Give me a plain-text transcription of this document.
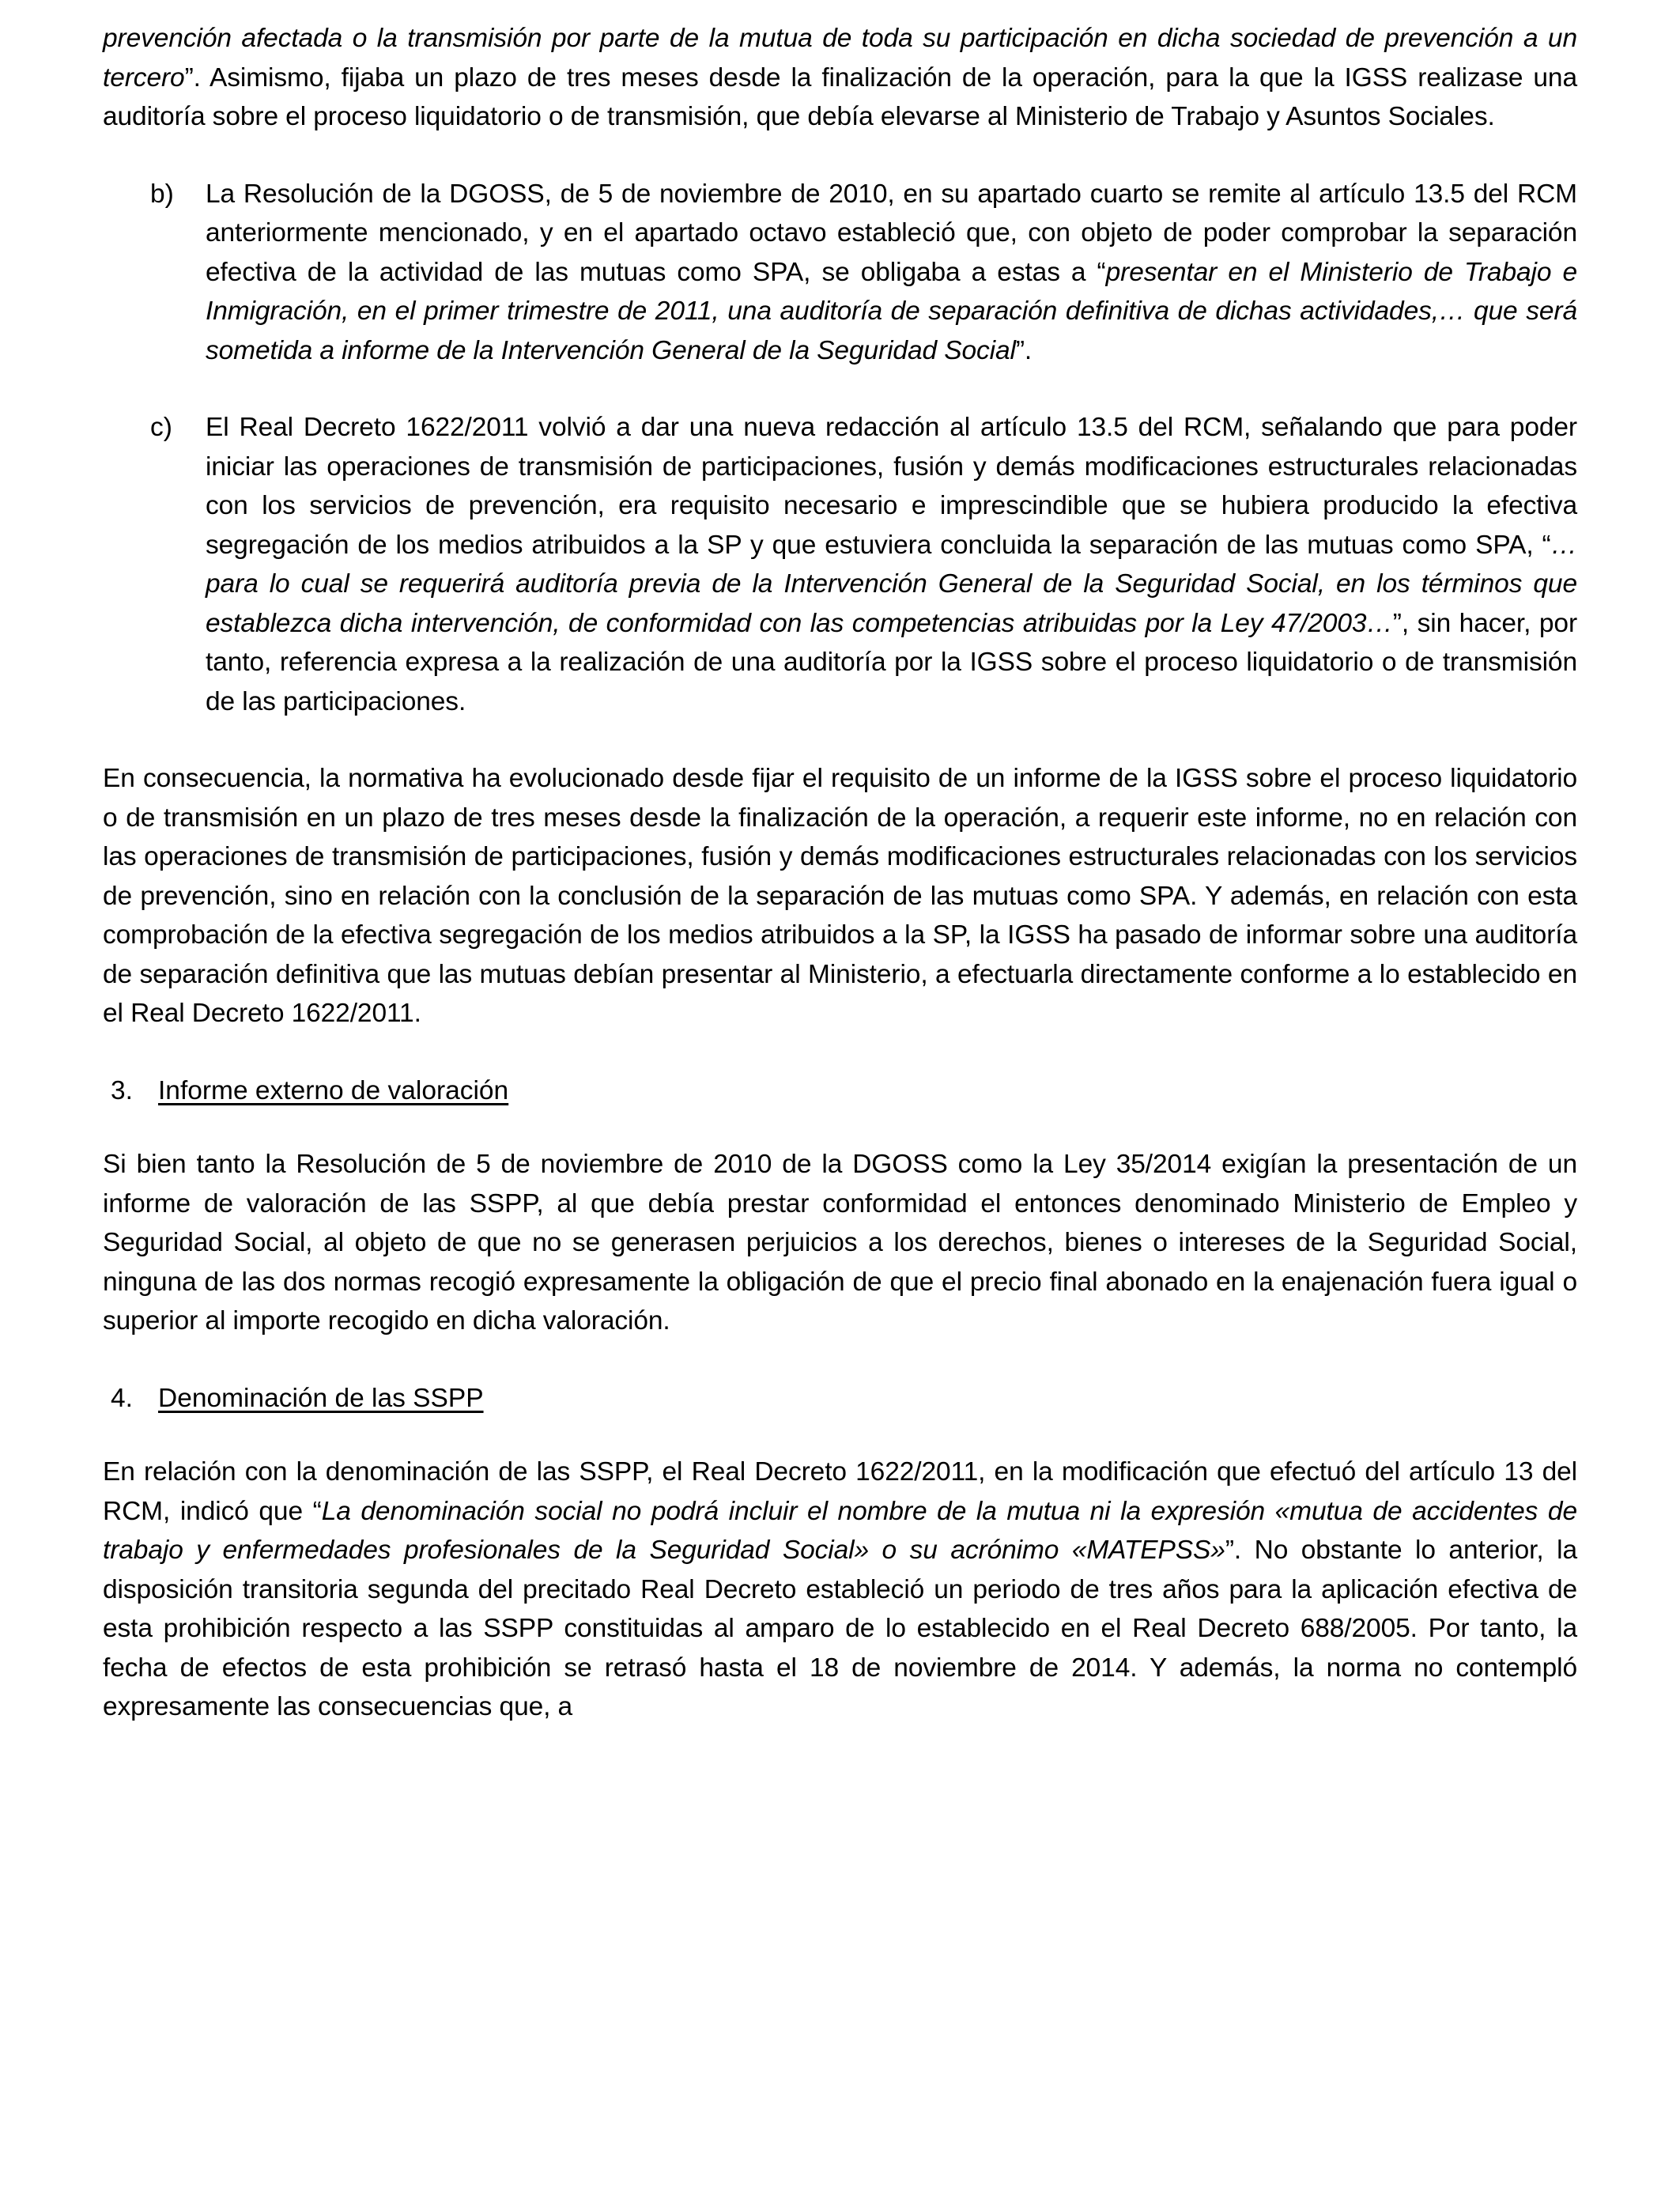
prevención afectada o la transmisión por parte de la mutua de toda su participación en dicha sociedad de prevención a un tercero”. Asimismo, fijaba un plazo de tres meses desde la finalización de la operación, para la que la IGSS realizase una auditoría sobre el proceso liquidatorio o de transmisión, que debía elevarse al Ministerio de Trabajo y Asuntos Sociales.

b)	La Resolución de la DGOSS, de 5 de noviembre de 2010, en su apartado cuarto se remite al artículo 13.5 del RCM anteriormente mencionado, y en el apartado octavo estableció que, con objeto de poder comprobar la separación efectiva de la actividad de las mutuas como SPA, se obligaba a estas a “presentar en el Ministerio de Trabajo e Inmigración, en el primer trimestre de 2011, una auditoría de separación definitiva de dichas actividades,… que será sometida a informe de la Intervención General de la Seguridad Social”.
c)	El Real Decreto 1622/2011 volvió a dar una nueva redacción al artículo 13.5 del RCM, señalando que para poder iniciar las operaciones de transmisión de participaciones, fusión y demás modificaciones estructurales relacionadas con los servicios de prevención, era requisito necesario e imprescindible que se hubiera producido la efectiva segregación de los medios atribuidos a la SP y que estuviera concluida la separación de las mutuas como SPA, “… para lo cual se requerirá auditoría previa de la Intervención General de la Seguridad Social, en los términos que establezca dicha intervención, de conformidad con las competencias atribuidas por la Ley 47/2003…”, sin hacer, por tanto, referencia expresa a la realización de una auditoría por la IGSS sobre el proceso liquidatorio o de transmisión de las participaciones.

En consecuencia, la normativa ha evolucionado desde fijar el requisito de un informe de la IGSS sobre el proceso liquidatorio o de transmisión en un plazo de tres meses desde la finalización de la operación, a requerir este informe, no en relación con las operaciones de transmisión de participaciones, fusión y demás modificaciones estructurales relacionadas con los servicios de prevención, sino en relación con la conclusión de la separación de las mutuas como SPA. Y además, en relación con esta comprobación de la efectiva segregación de los medios atribuidos a la SP, la IGSS ha pasado de informar sobre una auditoría de separación definitiva que las mutuas debían presentar al Ministerio, a efectuarla directamente conforme a lo establecido en el Real Decreto 1622/2011.

3. Informe externo de valoración

Si bien tanto la Resolución de 5 de noviembre de 2010 de la DGOSS como la Ley 35/2014 exigían la presentación de un informe de valoración de las SSPP, al que debía prestar conformidad el entonces denominado Ministerio de Empleo y Seguridad Social, al objeto de que no se generasen perjuicios a los derechos, bienes o intereses de la Seguridad Social, ninguna de las dos normas recogió expresamente la obligación de que el precio final abonado en la enajenación fuera igual o superior al importe recogido en dicha valoración.

4. Denominación de las SSPP

En relación con la denominación de las SSPP, el Real Decreto 1622/2011, en la modificación que efectuó del artículo 13 del RCM, indicó que “La denominación social no podrá incluir el nombre de la mutua ni la expresión «mutua de accidentes de trabajo y enfermedades profesionales de la Seguridad Social» o su acrónimo «MATEPSS»”. No obstante lo anterior, la disposición transitoria segunda del precitado Real Decreto estableció un periodo de tres años para la aplicación efectiva de esta prohibición respecto a las SSPP constituidas al amparo de lo establecido en el Real Decreto 688/2005. Por tanto, la fecha de efectos de esta prohibición se retrasó hasta el 18 de noviembre de 2014. Y además, la norma no contempló expresamente las consecuencias que, a
